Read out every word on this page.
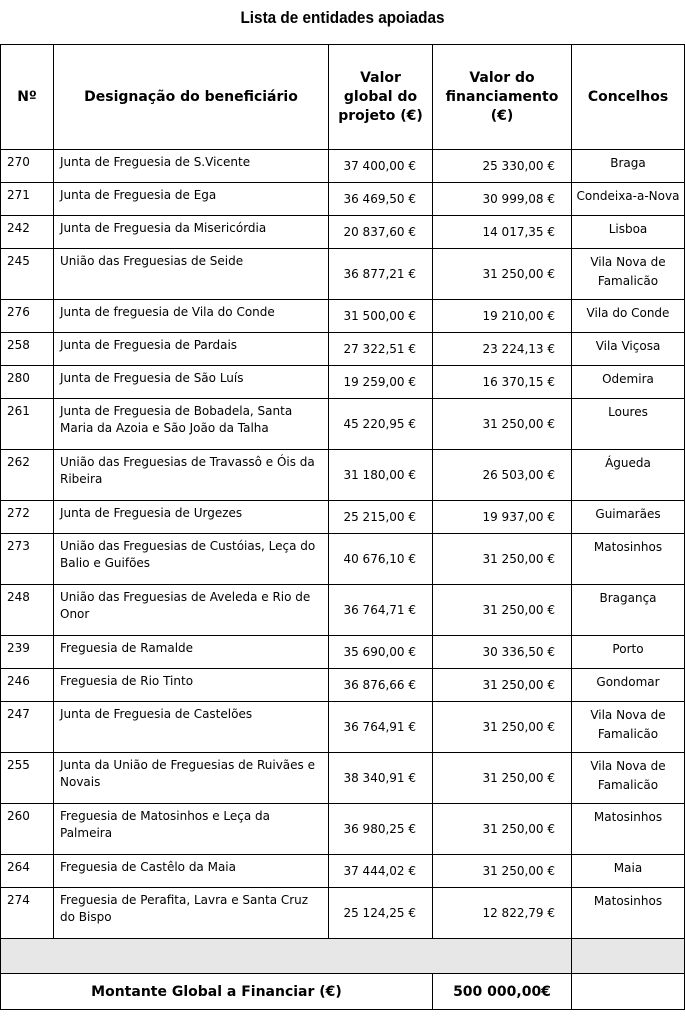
Lista de entidades apoiadas
Nº	Designação do beneficiário	Valor global do projeto (€)	Valor do financiamento (€)	Concelhos
270	Junta de Freguesia de S.Vicente	37 400,00 €	25 330,00 €	Braga
271	Junta de Freguesia de Ega	36 469,50 €	30 999,08 €	Condeixa-a-Nova
242	Junta de Freguesia da Misericórdia	20 837,60 €	14 017,35 €	Lisboa
245	União das Freguesias de Seide	36 877,21 €	31 250,00 €	Vila Nova de Famalicão
276	Junta de freguesia de Vila do Conde	31 500,00 €	19 210,00 €	Vila do Conde
258	Junta de Freguesia de Pardais	27 322,51 €	23 224,13 €	Vila Viçosa
280	Junta de Freguesia de São Luís	19 259,00 €	16 370,15 €	Odemira
261	Junta de Freguesia de Bobadela, Santa Maria da Azoia e São João da Talha	45 220,95 €	31 250,00 €	Loures
262	União das Freguesias de Travassô e Óis da Ribeira	31 180,00 €	26 503,00 €	Águeda
272	Junta de Freguesia de Urgezes	25 215,00 €	19 937,00 €	Guimarães
273	União das Freguesias de Custóias, Leça do Balio e Guifões	40 676,10 €	31 250,00 €	Matosinhos
248	União das Freguesias de Aveleda e Rio de Onor	36 764,71 €	31 250,00 €	Bragança
239	Freguesia de Ramalde	35 690,00 €	30 336,50 €	Porto
246	Freguesia de Rio Tinto	36 876,66 €	31 250,00 €	Gondomar
247	Junta de Freguesia de Castelões	36 764,91 €	31 250,00 €	Vila Nova de Famalicão
255	Junta da União de Freguesias de Ruivães e Novais	38 340,91 €	31 250,00 €	Vila Nova de Famalicão
260	Freguesia de Matosinhos e Leça da Palmeira	36 980,25 €	31 250,00 €	Matosinhos
264	Freguesia de Castêlo da Maia	37 444,02 €	31 250,00 €	Maia
274	Freguesia de Perafita, Lavra e Santa Cruz do Bispo	25 124,25 €	12 822,79 €	Matosinhos

Montante Global a Financiar (€)			500 000,00€	
